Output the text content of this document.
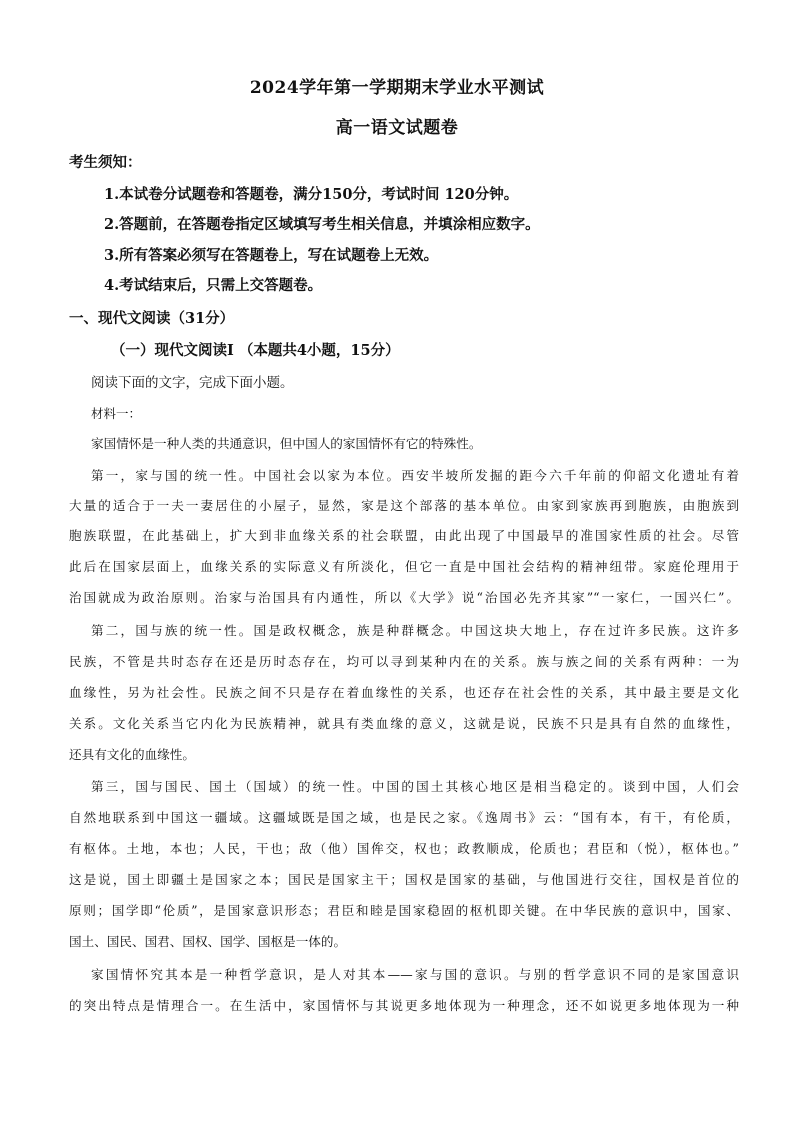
2024学年第一学期期末学业水平测试
高一语文试题卷
考生须知：
1.本试卷分试题卷和答题卷，满分150分，考试时间 120分钟。
2.答题前，在答题卷指定区域填写考生相关信息，并填涂相应数字。
3.所有答案必须写在答题卷上，写在试题卷上无效。
4.考试结束后，只需上交答题卷。
一、现代文阅读（31分）
（一）现代文阅读Ⅰ （本题共4小题，15分）
阅读下面的文字，完成下面小题。
材料一：
家国情怀是一种人类的共通意识，但中国人的家国情怀有它的特殊性。
第一，家与国的统一性。中国社会以家为本位。西安半坡所发掘的距今六千年前的仰韶文化遗址有着
大量的适合于一夫一妻居住的小屋子，显然，家是这个部落的基本单位。由家到家族再到胞族，由胞族到
胞族联盟，在此基础上，扩大到非血缘关系的社会联盟，由此出现了中国最早的准国家性质的社会。尽管
此后在国家层面上，血缘关系的实际意义有所淡化，但它一直是中国社会结构的精神纽带。家庭伦理用于
治国就成为政治原则。治家与治国具有内通性，所以《大学》说“治国必先齐其家”“一家仁，一国兴仁”。
第二，国与族的统一性。国是政权概念，族是种群概念。中国这块大地上，存在过许多民族。这许多
民族，不管是共时态存在还是历时态存在，均可以寻到某种内在的关系。族与族之间的关系有两种：一为
血缘性，另为社会性。民族之间不只是存在着血缘性的关系，也还存在社会性的关系，其中最主要是文化
关系。文化关系当它内化为民族精神，就具有类血缘的意义，这就是说，民族不只是具有自然的血缘性，
还具有文化的血缘性。
第三，国与国民、国土（国域）的统一性。中国的国土其核心地区是相当稳定的。谈到中国，人们会
自然地联系到中国这一疆域。这疆域既是国之域，也是民之家。《逸周书》云：“国有本，有干，有伦质，
有枢体。土地，本也；人民，干也；敌（他）国侔交，权也；政教顺成，伦质也；君臣和（悦），枢体也。”
这是说，国土即疆土是国家之本；国民是国家主干；国权是国家的基础，与他国进行交往，国权是首位的
原则；国学即“伦质”，是国家意识形态；君臣和睦是国家稳固的枢机即关键。在中华民族的意识中，国家、
国土、国民、国君、国权、国学、国枢是一体的。
家国情怀究其本是一种哲学意识，是人对其本——家与国的意识。与别的哲学意识不同的是家国意识
的突出特点是情理合一。在生活中，家国情怀与其说更多地体现为一种理念，还不如说更多地体现为一种
